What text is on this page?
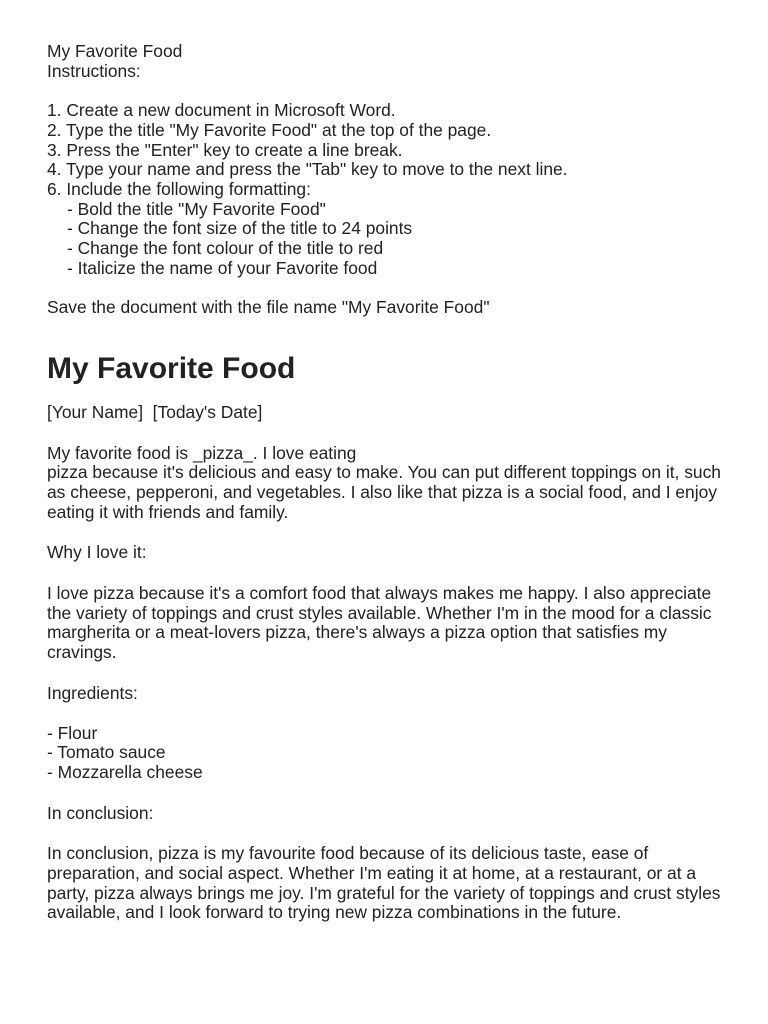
My Favorite Food
Instructions:
1. Create a new document in Microsoft Word.
2. Type the title "My Favorite Food" at the top of the page.
3. Press the "Enter" key to create a line break.
4. Type your name and press the "Tab" key to move to the next line.
6. Include the following formatting:
- Bold the title "My Favorite Food"
- Change the font size of the title to 24 points
- Change the font colour of the title to red
- Italicize the name of your Favorite food
Save the document with the file name "My Favorite Food"
My Favorite Food
[Your Name]  [Today's Date]
My favorite food is _pizza_. I love eating
pizza because it's delicious and easy to make. You can put different toppings on it, such as cheese, pepperoni, and vegetables. I also like that pizza is a social food, and I enjoy eating it with friends and family.
Why I love it:
I love pizza because it's a comfort food that always makes me happy. I also appreciate the variety of toppings and crust styles available. Whether I'm in the mood for a classic margherita or a meat-lovers pizza, there's always a pizza option that satisfies my cravings.
Ingredients:
- Flour
- Tomato sauce
- Mozzarella cheese
In conclusion:
In conclusion, pizza is my favourite food because of its delicious taste, ease of preparation, and social aspect. Whether I'm eating it at home, at a restaurant, or at a party, pizza always brings me joy. I'm grateful for the variety of toppings and crust styles available, and I look forward to trying new pizza combinations in the future.
